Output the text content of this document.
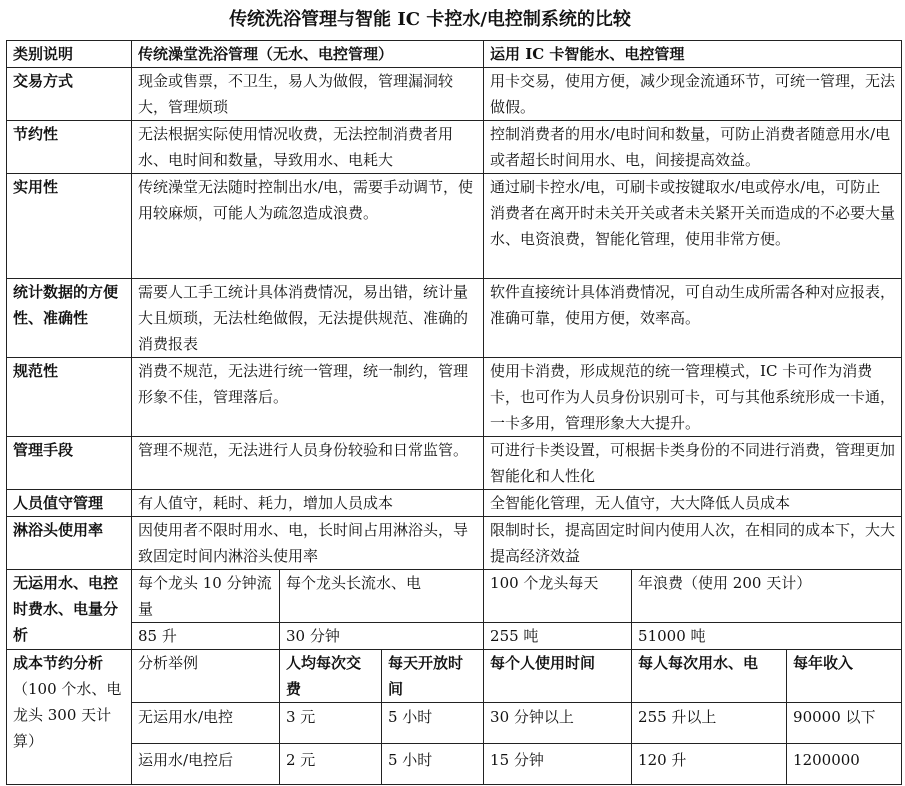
传统洗浴管理与智能 IC 卡控水/电控制系统的比较
类别说明	传统澡堂洗浴管理（无水、电控管理）			运用 IC 卡智能水、电控管理		
交易方式	现金或售票，不卫生，易人为做假，管理漏洞较大，管理烦琐			用卡交易，使用方便，减少现金流通环节，可统一管理，无法做假。		
节约性	无法根据实际使用情况收费，无法控制消费者用水、电时间和数量，导致用水、电耗大			控制消费者的用水/电时间和数量，可防止消费者随意用水/电或者超长时间用水、电，间接提高效益。		
实用性	传统澡堂无法随时控制出水/电，需要手动调节，使用较麻烦，可能人为疏忽造成浪费。			通过刷卡控水/电，可刷卡或按键取水/电或停水/电，可防止消费者在离开时未关开关或者未关紧开关而造成的不必要大量水、电资浪费，智能化管理，使用非常方便。		
统计数据的方便性、准确性	需要人工手工统计具体消费情况，易出错，统计量大且烦琐，无法杜绝做假，无法提供规范、准确的消费报表			软件直接统计具体消费情况，可自动生成所需各种对应报表，准确可靠，使用方便，效率高。		
规范性	消费不规范，无法进行统一管理，统一制约，管理形象不佳，管理落后。			使用卡消费，形成规范的统一管理模式，IC 卡可作为消费卡，也可作为人员身份识别可卡，可与其他系统形成一卡通，一卡多用，管理形象大大提升。		
管理手段	管理不规范，无法进行人员身份较验和日常监管。			可进行卡类设置，可根据卡类身份的不同进行消费，管理更加智能化和人性化		
人员值守管理	有人值守，耗时、耗力，增加人员成本			全智能化管理，无人值守，大大降低人员成本		
淋浴头使用率	因使用者不限时用水、电，长时间占用淋浴头，导致固定时间内淋浴头使用率			限制时长，提高固定时间内使用人次，在相同的成本下，大大提高经济效益		
无运用水、电控时费水、电量分析	每个龙头 10 分钟流量	每个龙头长流水、电		100 个龙头每天	年浪费（使用 200 天计）	
	85 升	30 分钟		255 吨	51000 吨	
成本节约分析
（100 个水、电龙头 300 天计算）	分析举例	人均每次交费	每天开放时间	每个人使用时间	每人每次用水、电	每年收入
	无运用水/电控	3 元	5 小时	30 分钟以上	255 升以上	90000 以下
	运用水/电控后	2 元	5 小时	15 分钟	120 升	1200000
